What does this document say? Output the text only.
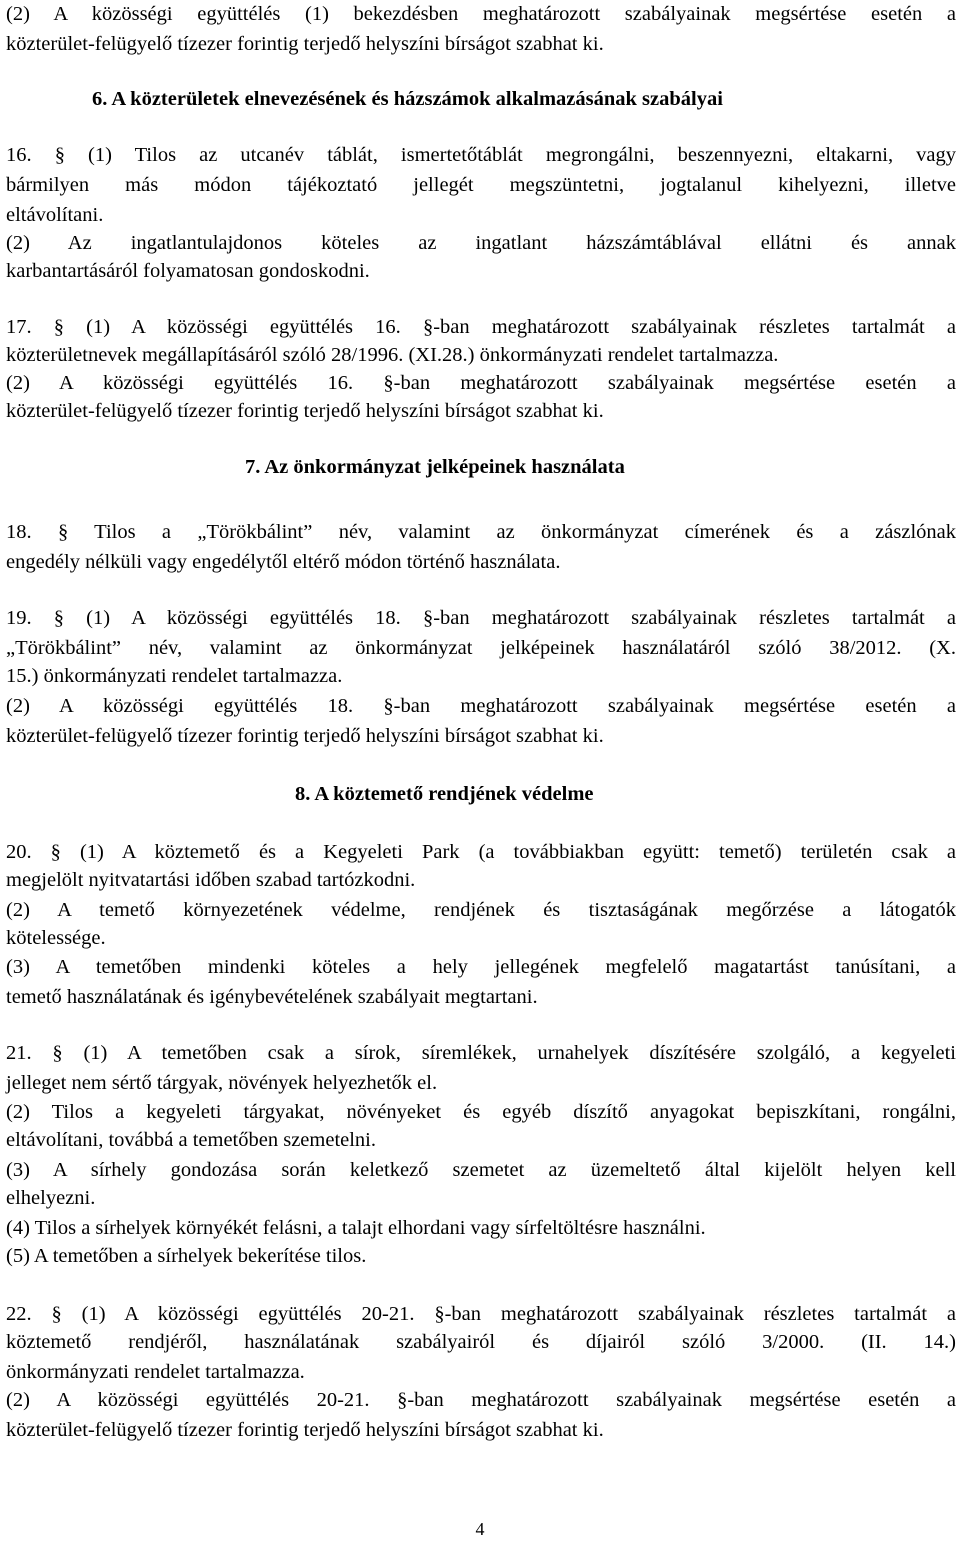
(2) A közösségi együttélés (1) bekezdésben meghatározott szabályainak megsértése esetén a
közterület-felügyelő tízezer forintig terjedő helyszíni bírságot szabhat ki.
6. A közterületek elnevezésének és házszámok alkalmazásának szabályai
16. § (1) Tilos az utcanév táblát, ismertetőtáblát megrongálni, beszennyezni, eltakarni, vagy
bármilyen más módon tájékoztató jellegét megszüntetni, jogtalanul kihelyezni, illetve
eltávolítani.
(2) Az ingatlantulajdonos köteles az ingatlant házszámtáblával ellátni és annak
karbantartásáról folyamatosan gondoskodni.
17. § (1) A közösségi együttélés 16. §-ban meghatározott szabályainak részletes tartalmát a
közterületnevek megállapításáról szóló 28/1996. (XI.28.) önkormányzati rendelet tartalmazza.
(2) A közösségi együttélés 16. §-ban meghatározott szabályainak megsértése esetén a
közterület-felügyelő tízezer forintig terjedő helyszíni bírságot szabhat ki.
7. Az önkormányzat jelképeinek használata
18. § Tilos a „Törökbálint” név, valamint az önkormányzat címerének és a zászlónak
engedély nélküli vagy engedélytől eltérő módon történő használata.
19. § (1) A közösségi együttélés 18. §-ban meghatározott szabályainak részletes tartalmát a
„Törökbálint” név, valamint az önkormányzat jelképeinek használatáról szóló 38/2012. (X.
15.) önkormányzati rendelet tartalmazza.
(2) A közösségi együttélés 18. §-ban meghatározott szabályainak megsértése esetén a
közterület-felügyelő tízezer forintig terjedő helyszíni bírságot szabhat ki.
8. A köztemető rendjének védelme
20. § (1) A köztemető és a Kegyeleti Park (a továbbiakban együtt: temető) területén csak a
megjelölt nyitvatartási időben szabad tartózkodni.
(2) A temető környezetének védelme, rendjének és tisztaságának megőrzése a látogatók
kötelessége.
(3) A temetőben mindenki köteles a hely jellegének megfelelő magatartást tanúsítani, a
temető használatának és igénybevételének szabályait megtartani.
21. § (1) A temetőben csak a sírok, síremlékek, urnahelyek díszítésére szolgáló, a kegyeleti
jelleget nem sértő tárgyak, növények helyezhetők el.
(2) Tilos a kegyeleti tárgyakat, növényeket és egyéb díszítő anyagokat bepiszkítani, rongálni,
eltávolítani, továbbá a temetőben szemetelni.
(3) A sírhely gondozása során keletkező szemetet az üzemeltető által kijelölt helyen kell
elhelyezni.
(4) Tilos a sírhelyek környékét felásni, a talajt elhordani vagy sírfeltöltésre használni.
(5) A temetőben a sírhelyek bekerítése tilos.
22. § (1) A közösségi együttélés 20-21. §-ban meghatározott szabályainak részletes tartalmát a
köztemető rendjéről, használatának szabályairól és díjairól szóló 3/2000. (II. 14.)
önkormányzati rendelet tartalmazza.
(2) A közösségi együttélés 20-21. §-ban meghatározott szabályainak megsértése esetén a
közterület-felügyelő tízezer forintig terjedő helyszíni bírságot szabhat ki.
4
